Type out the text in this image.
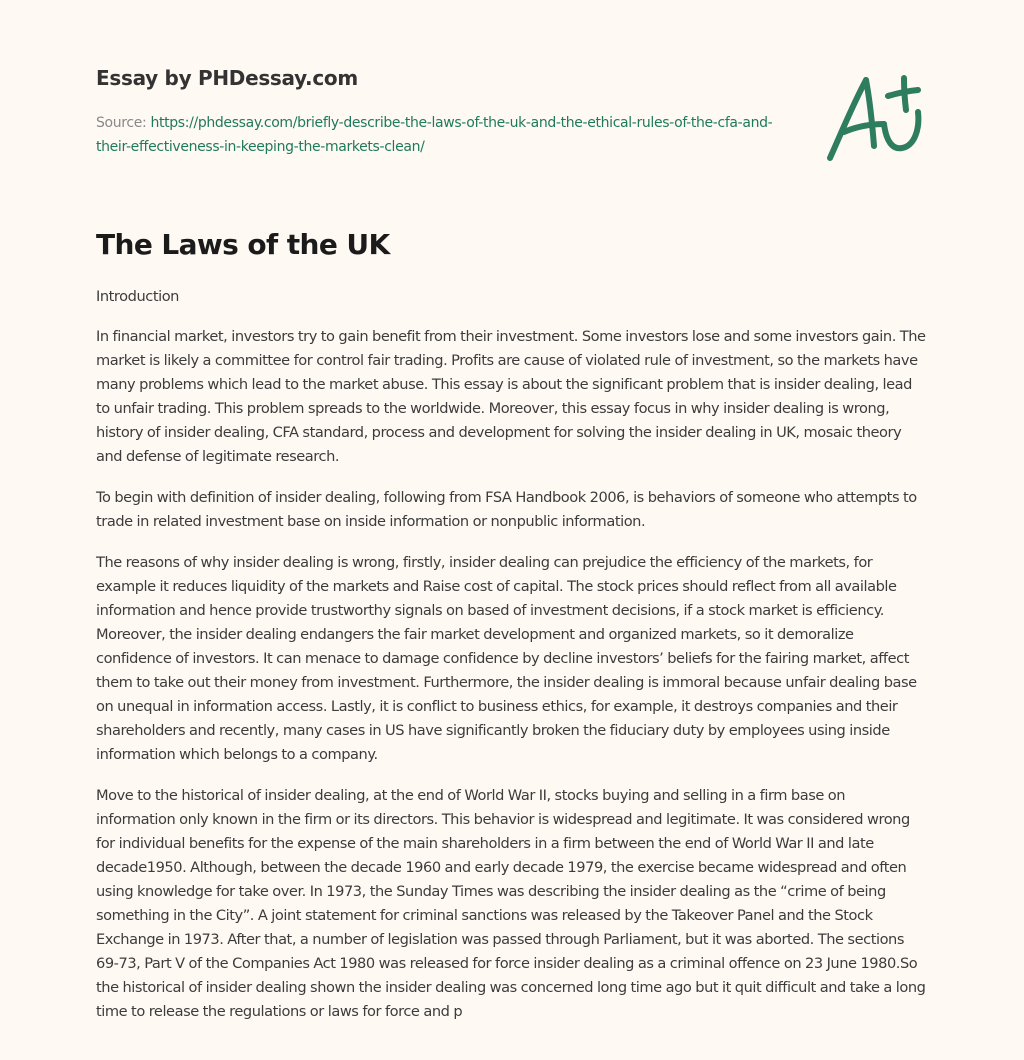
Essay by PHDessay.com
Source: https://phdessay.com/briefly-describe-the-laws-of-the-uk-and-the-ethical-rules-of-the-cfa-and-their-effectiveness-in-keeping-the-markets-clean/
The Laws of the UK

Introduction

In financial market, investors try to gain benefit from their investment. Some investors lose and some investors gain. The market is likely a committee for control fair trading. Profits are cause of violated rule of investment, so the markets have many problems which lead to the market abuse. This essay is about the significant problem that is insider dealing, lead to unfair trading. This problem spreads to the worldwide. Moreover, this essay focus in why insider dealing is wrong, history of insider dealing, CFA standard, process and development for solving the insider dealing in UK, mosaic theory and defense of legitimate research.

To begin with definition of insider dealing, following from FSA Handbook 2006, is behaviors of someone who attempts to trade in related investment base on inside information or nonpublic information.

The reasons of why insider dealing is wrong, firstly, insider dealing can prejudice the efficiency of the markets, for example it reduces liquidity of the markets and Raise cost of capital. The stock prices should reflect from all available information and hence provide trustworthy signals on based of investment decisions, if a stock market is efficiency. Moreover, the insider dealing endangers the fair market development and organized markets, so it demoralize confidence of investors. It can menace to damage confidence by decline investors’ beliefs for the fairing market, affect them to take out their money from investment. Furthermore, the insider dealing is immoral because unfair dealing base on unequal in information access. Lastly, it is conflict to business ethics, for example, it destroys companies and their shareholders and recently, many cases in US have significantly broken the fiduciary duty by employees using inside information which belongs to a company.

Move to the historical of insider dealing, at the end of World War II, stocks buying and selling in a firm base on information only known in the firm or its directors. This behavior is widespread and legitimate. It was considered wrong for individual benefits for the expense of the main shareholders in a firm between the end of World War II and late decade1950. Although, between the decade 1960 and early decade 1979, the exercise became widespread and often using knowledge for take over. In 1973, the Sunday Times was describing the insider dealing as the “crime of being something in the City”. A joint statement for criminal sanctions was released by the Takeover Panel and the Stock Exchange in 1973. After that, a number of legislation was passed through Parliament, but it was aborted. The sections 69-73, Part V of the Companies Act 1980 was released for force insider dealing as a criminal offence on 23 June 1980.So the historical of insider dealing shown the insider dealing was concerned long time ago but it quit difficult and take a long time to release the regulations or laws for force and p
